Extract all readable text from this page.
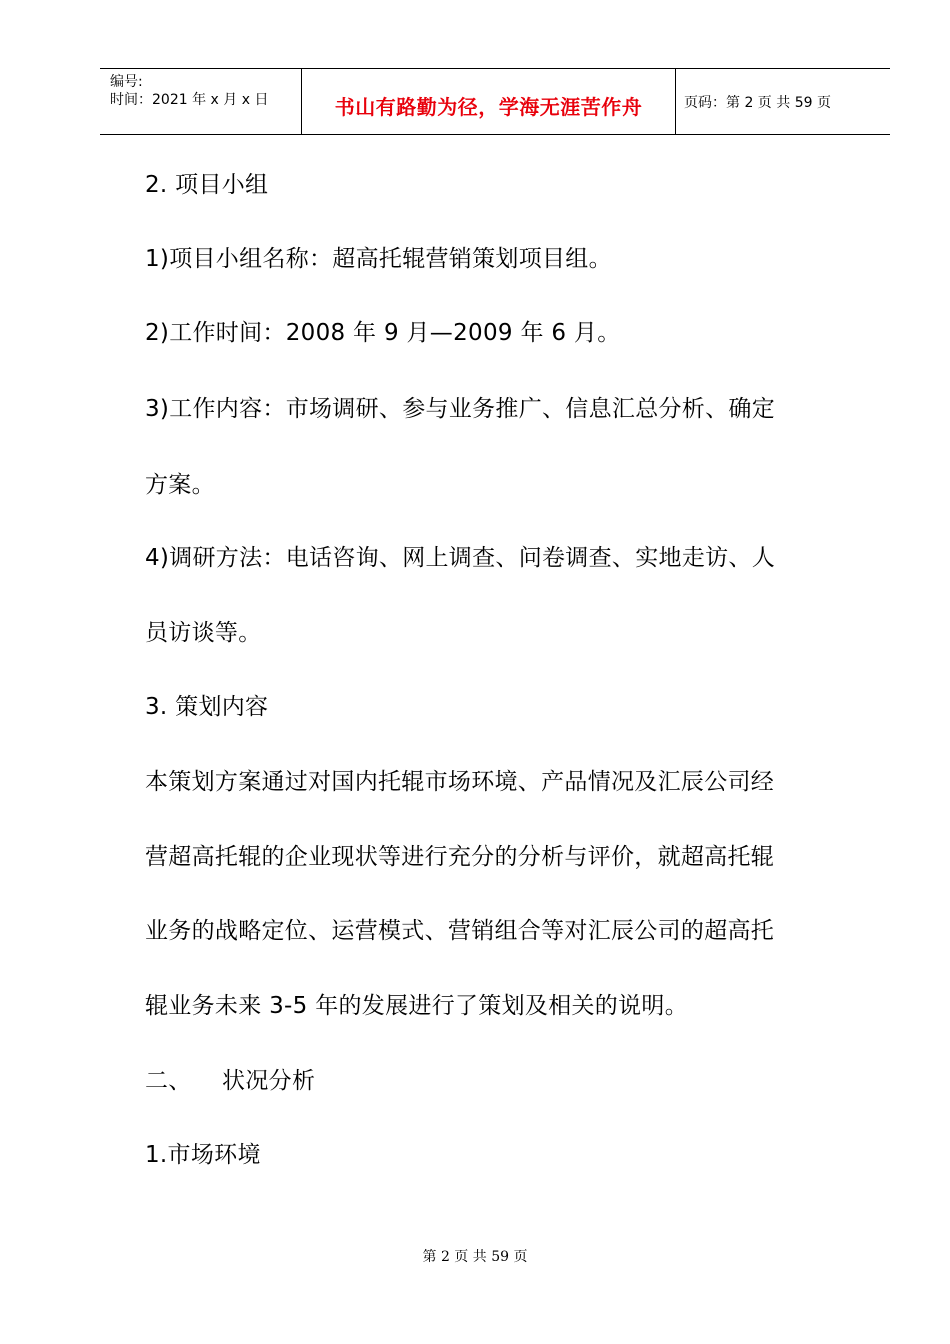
编号:
时间：2021 年 x 月 x 日	书山有路勤为径，学海无涯苦作舟	页码：第 2 页 共 59 页
2. 项目小组
1)项目小组名称：超高托辊营销策划项目组。
2)工作时间：2008 年 9 月—2009 年 6 月。
3)工作内容：市场调研、参与业务推广、信息汇总分析、确定
方案。
4)调研方法：电话咨询、网上调查、问卷调查、实地走访、人
员访谈等。
3. 策划内容
本策划方案通过对国内托辊市场环境、产品情况及汇辰公司经
营超高托辊的企业现状等进行充分的分析与评价，就超高托辊
业务的战略定位、运营模式、营销组合等对汇辰公司的超高托
辊业务未来 3-5 年的发展进行了策划及相关的说明。
二、    状况分析
1.市场环境
第 2 页 共 59 页
